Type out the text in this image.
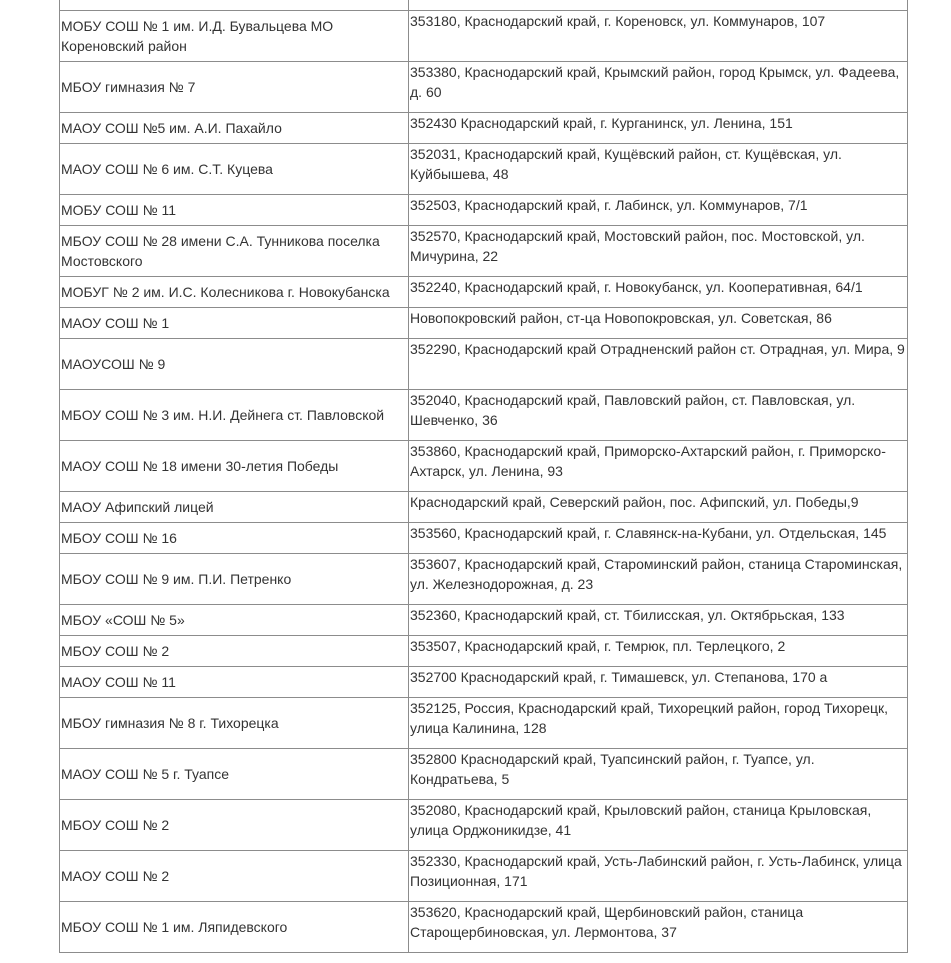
МОБУ СОШ № 1 им. И.Д. Бувальцева МО Кореновский район	353180, Краснодарский край, г. Кореновск, ул. Коммунаров, 107
МБОУ гимназия № 7	353380, Краснодарский край, Крымский район, город Крымск, ул. Фадеева, д. 60
МАОУ СОШ №5 им. А.И. Пахайло	352430 Краснодарский край, г. Курганинск, ул. Ленина, 151
МАОУ СОШ № 6 им. С.Т. Куцева	352031, Краснодарский край, Кущёвский район, ст. Кущёвская, ул. Куйбышева, 48
МОБУ СОШ № 11	352503, Краснодарский край, г. Лабинск, ул. Коммунаров, 7/1
МБОУ СОШ № 28 имени С.А. Тунникова поселка Мостовского	352570, Краснодарский край, Мостовский район, пос. Мостовской, ул. Мичурина, 22
МОБУГ № 2 им. И.С. Колесникова г. Новокубанска	352240, Краснодарский край, г. Новокубанск, ул. Кооперативная, 64/1
МАОУ СОШ № 1	Новопокровский район, ст-ца Новопокровская, ул. Советская, 86
МАОУСОШ № 9	352290, Краснодарский край Отрадненский район ст. Отрадная, ул. Мира, 9
МБОУ СОШ № 3 им. Н.И. Дейнега ст. Павловской	352040, Краснодарский край, Павловский район, ст. Павловская, ул. Шевченко, 36
МАОУ СОШ № 18 имени 30-летия Победы	353860, Краснодарский край, Приморско-Ахтарский район, г. Приморско-Ахтарск, ул. Ленина, 93
МАОУ Афипский лицей	Краснодарский край, Северский район, пос. Афипский, ул. Победы,9
МБОУ СОШ № 16	353560, Краснодарский край, г. Славянск-на-Кубани, ул. Отдельская, 145
МБОУ СОШ № 9 им. П.И. Петренко	353607, Краснодарский край, Староминский район, станица Староминская, ул. Железнодорожная, д. 23
МБОУ «СОШ № 5»	352360, Краснодарский край, ст. Тбилисская, ул. Октябрьская, 133
МБОУ СОШ № 2	353507, Краснодарский край, г. Темрюк, пл. Терлецкого, 2
МАОУ СОШ № 11	352700 Краснодарский край, г. Тимашевск, ул. Степанова, 170 а
МБОУ гимназия № 8 г. Тихорецка	352125, Россия, Краснодарский край, Тихорецкий район, город Тихорецк, улица Калинина, 128
МАОУ СОШ № 5 г. Туапсе	352800 Краснодарский край, Туапсинский район, г. Туапсе, ул. Кондратьева, 5
МБОУ СОШ № 2	352080, Краснодарский край, Крыловский район, станица Крыловская, улица Орджоникидзе, 41
МАОУ СОШ № 2	352330, Краснодарский край, Усть-Лабинский район, г. Усть-Лабинск, улица Позиционная, 171
МБОУ СОШ № 1 им. Ляпидевского	353620, Краснодарский край, Щербиновский район, станица Старощербиновская, ул. Лермонтова, 37
